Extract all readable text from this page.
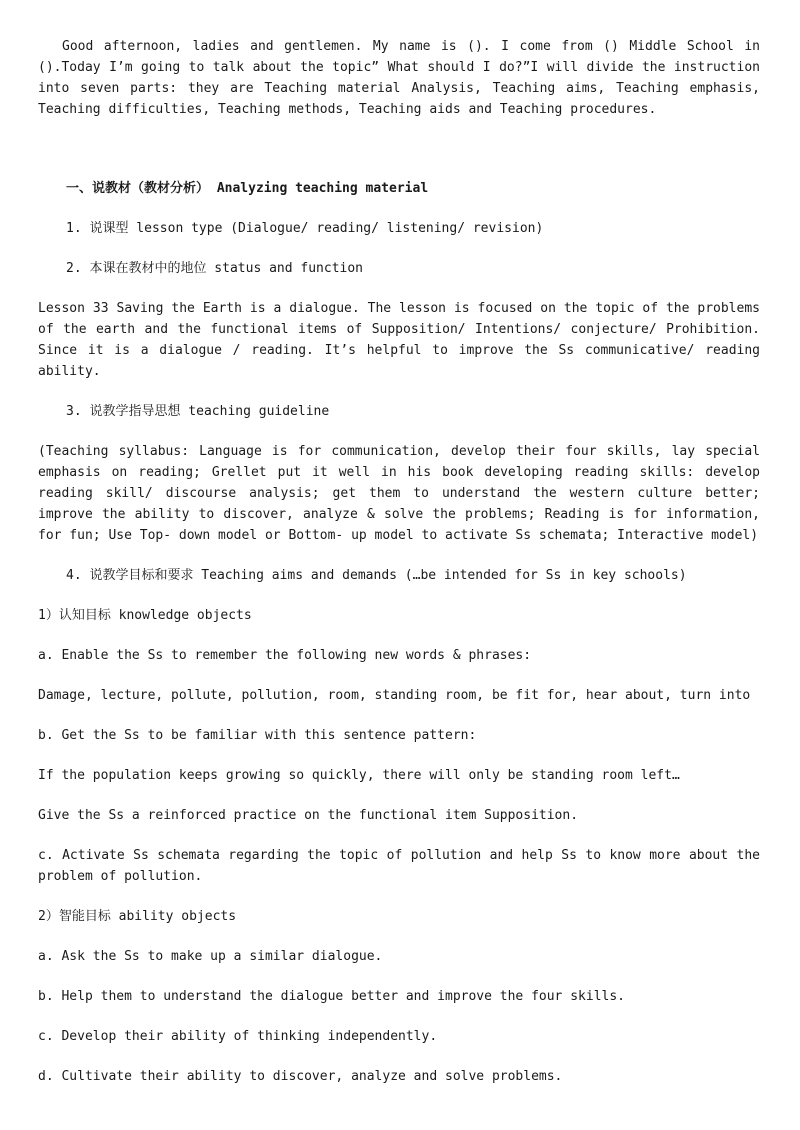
Good afternoon, ladies and gentlemen. My name is (). I come from () Middle School in ().Today I’m going to talk about the topic” What should I do?”I will divide the instruction into seven parts: they are Teaching material Analysis, Teaching aims, Teaching emphasis, Teaching difficulties, Teaching methods, Teaching aids and Teaching procedures.

一、说教材（教材分析） Analyzing teaching material

1. 说课型 lesson type (Dialogue/ reading/ listening/ revision)

2. 本课在教材中的地位 status and function

Lesson 33 Saving the Earth is a dialogue. The lesson is focused on the topic of the problems of the earth and the functional items of Supposition/ Intentions/ conjecture/ Prohibition. Since it is a dialogue / reading. It’s helpful to improve the Ss communicative/ reading ability.

3. 说教学指导思想 teaching guideline

(Teaching syllabus: Language is for communication, develop their four skills, lay special emphasis on reading; Grellet put it well in his book developing reading skills: develop reading skill/ discourse analysis; get them to understand the western culture better; improve the ability to discover, analyze & solve the problems; Reading is for information, for fun; Use Top- down model or Bottom- up model to activate Ss schemata; Interactive model)

4. 说教学目标和要求 Teaching aims and demands (…be intended for Ss in key schools)

1）认知目标 knowledge objects

a. Enable the Ss to remember the following new words & phrases:

Damage, lecture, pollute, pollution, room, standing room, be fit for, hear about, turn into

b. Get the Ss to be familiar with this sentence pattern:

If the population keeps growing so quickly, there will only be standing room left…

Give the Ss a reinforced practice on the functional item Supposition.

c. Activate Ss schemata regarding the topic of pollution and help Ss to know more about the problem of pollution.

2）智能目标 ability objects

a. Ask the Ss to make up a similar dialogue.

b. Help them to understand the dialogue better and improve the four skills.

c. Develop their ability of thinking independently.

d. Cultivate their ability to discover, analyze and solve problems.
